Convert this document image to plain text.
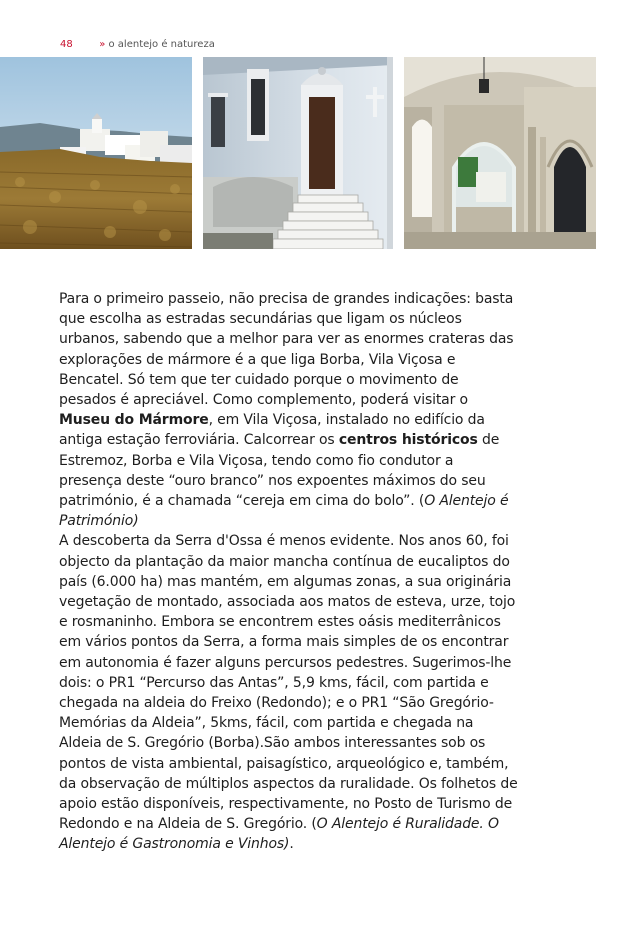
48	» o alentejo é natureza

Para o primeiro passeio, não precisa de grandes indicações: basta que escolha as estradas secundárias que ligam os núcleos urbanos, sabendo que a melhor para ver as enormes crateras das explorações de mármore é a que liga Borba, Vila Viçosa e Bencatel. Só tem que ter cuidado porque o movimento de pesados é apreciável. Como complemento, poderá visitar o Museu do Mármore, em Vila Viçosa, instalado no edifício da antiga estação ferroviária. Calcorrear os centros históricos de Estremoz, Borba e Vila Viçosa, tendo como fio condutor a presença deste “ouro branco” nos expoentes máximos do seu património, é a chamada “cereja em cima do bolo”. (O Alentejo é Património)

A descoberta da Serra d'Ossa é menos evidente. Nos anos 60, foi objecto da plantação da maior mancha contínua de eucaliptos do país (6.000 ha) mas mantém, em algumas zonas, a sua originária vegetação de montado, associada aos matos de esteva, urze, tojo e rosmaninho. Embora se encontrem estes oásis mediterrânicos em vários pontos da Serra, a forma mais simples de os encontrar em autonomia é fazer alguns percursos pedestres. Sugerimos-lhe dois: o PR1 “Percurso das Antas”, 5,9 kms, fácil, com partida e chegada na aldeia do Freixo (Redondo); e o PR1 “São Gregório- Memórias da Aldeia”, 5kms, fácil, com partida e chegada na Aldeia de S. Gregório (Borba).São ambos interessantes sob os pontos de vista ambiental, paisagístico, arqueológico e, também, da observação de múltiplos aspectos da ruralidade. Os folhetos de apoio estão disponíveis, respectivamente, no Posto de Turismo de Redondo e na Aldeia de S. Gregório. (O Alentejo é Ruralidade. O Alentejo é Gastronomia e Vinhos).
